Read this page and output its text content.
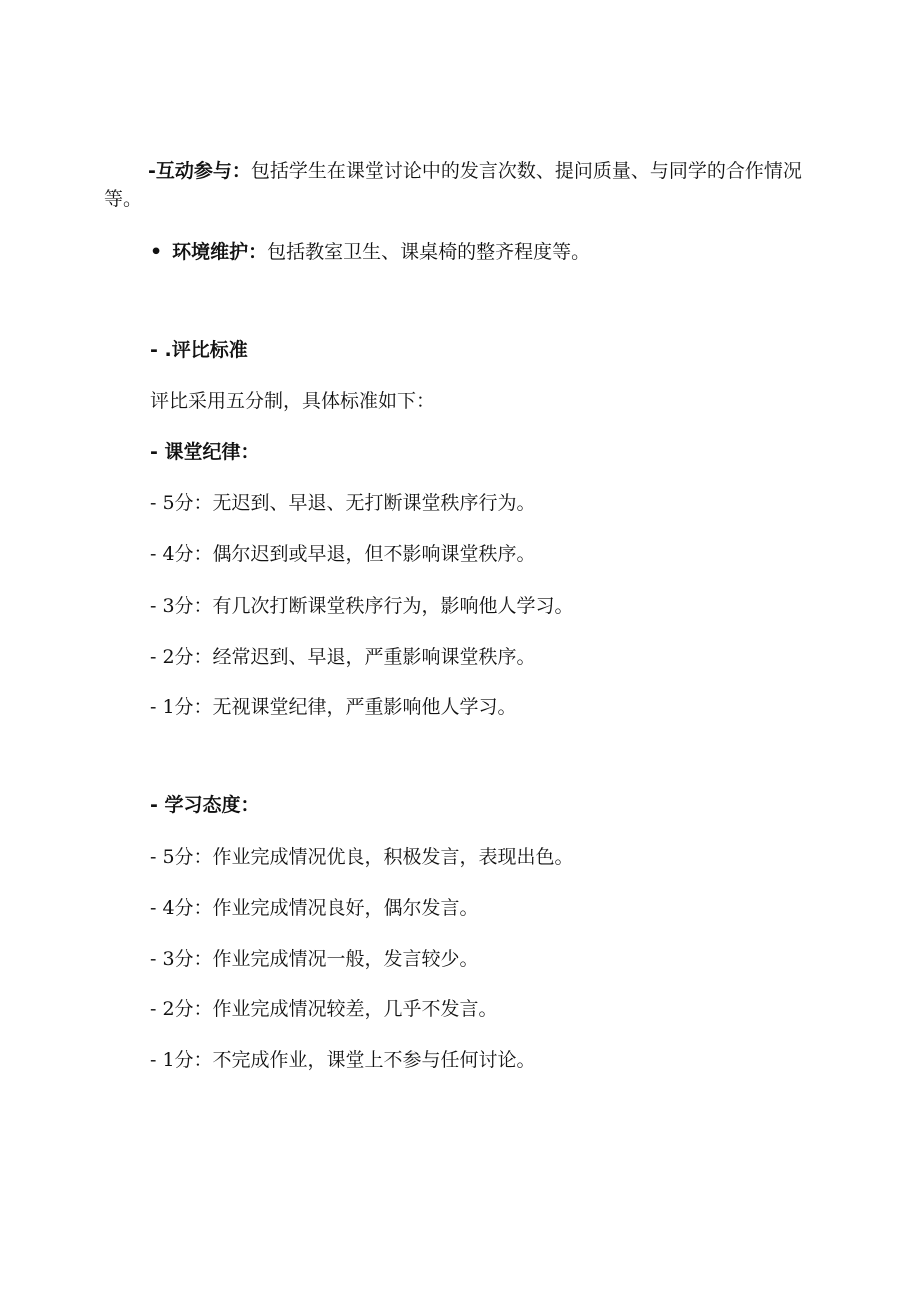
-互动参与：包括学生在课堂讨论中的发言次数、提问质量、与同学的合作情况等。
• 环境维护：包括教室卫生、课桌椅的整齐程度等。
- .评比标准
评比采用五分制，具体标准如下：
- 课堂纪律：
- 5分：无迟到、早退、无打断课堂秩序行为。
- 4分：偶尔迟到或早退，但不影响课堂秩序。
- 3分：有几次打断课堂秩序行为，影响他人学习。
- 2分：经常迟到、早退，严重影响课堂秩序。
- 1分：无视课堂纪律，严重影响他人学习。
- 学习态度：
- 5分：作业完成情况优良，积极发言，表现出色。
- 4分：作业完成情况良好，偶尔发言。
- 3分：作业完成情况一般，发言较少。
- 2分：作业完成情况较差，几乎不发言。
- 1分：不完成作业，课堂上不参与任何讨论。
